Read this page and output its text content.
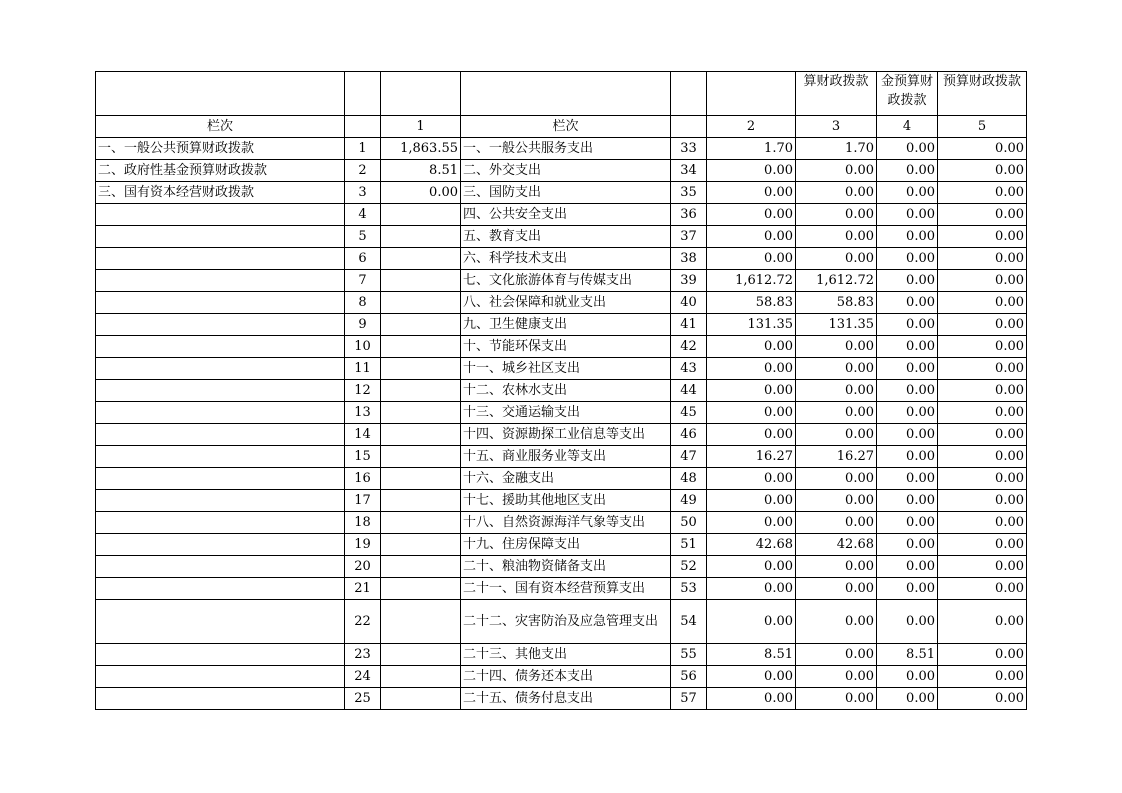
						算财政拨款	金预算财政拨款	预算财政拨款
栏次		1	栏次		2	3	4	5
一、一般公共预算财政拨款	1	1,863.55	一、一般公共服务支出	33	1.70	1.70	0.00	0.00
二、政府性基金预算财政拨款	2	8.51	二、外交支出	34	0.00	0.00	0.00	0.00
三、国有资本经营财政拨款	3	0.00	三、国防支出	35	0.00	0.00	0.00	0.00
	4		四、公共安全支出	36	0.00	0.00	0.00	0.00
	5		五、教育支出	37	0.00	0.00	0.00	0.00
	6		六、科学技术支出	38	0.00	0.00	0.00	0.00
	7		七、文化旅游体育与传媒支出	39	1,612.72	1,612.72	0.00	0.00
	8		八、社会保障和就业支出	40	58.83	58.83	0.00	0.00
	9		九、卫生健康支出	41	131.35	131.35	0.00	0.00
	10		十、节能环保支出	42	0.00	0.00	0.00	0.00
	11		十一、城乡社区支出	43	0.00	0.00	0.00	0.00
	12		十二、农林水支出	44	0.00	0.00	0.00	0.00
	13		十三、交通运输支出	45	0.00	0.00	0.00	0.00
	14		十四、资源勘探工业信息等支出	46	0.00	0.00	0.00	0.00
	15		十五、商业服务业等支出	47	16.27	16.27	0.00	0.00
	16		十六、金融支出	48	0.00	0.00	0.00	0.00
	17		十七、援助其他地区支出	49	0.00	0.00	0.00	0.00
	18		十八、自然资源海洋气象等支出	50	0.00	0.00	0.00	0.00
	19		十九、住房保障支出	51	42.68	42.68	0.00	0.00
	20		二十、粮油物资储备支出	52	0.00	0.00	0.00	0.00
	21		二十一、国有资本经营预算支出	53	0.00	0.00	0.00	0.00
	22		二十二、灾害防治及应急管理支出	54	0.00	0.00	0.00	0.00
	23		二十三、其他支出	55	8.51	0.00	8.51	0.00
	24		二十四、债务还本支出	56	0.00	0.00	0.00	0.00
	25		二十五、债务付息支出	57	0.00	0.00	0.00	0.00
